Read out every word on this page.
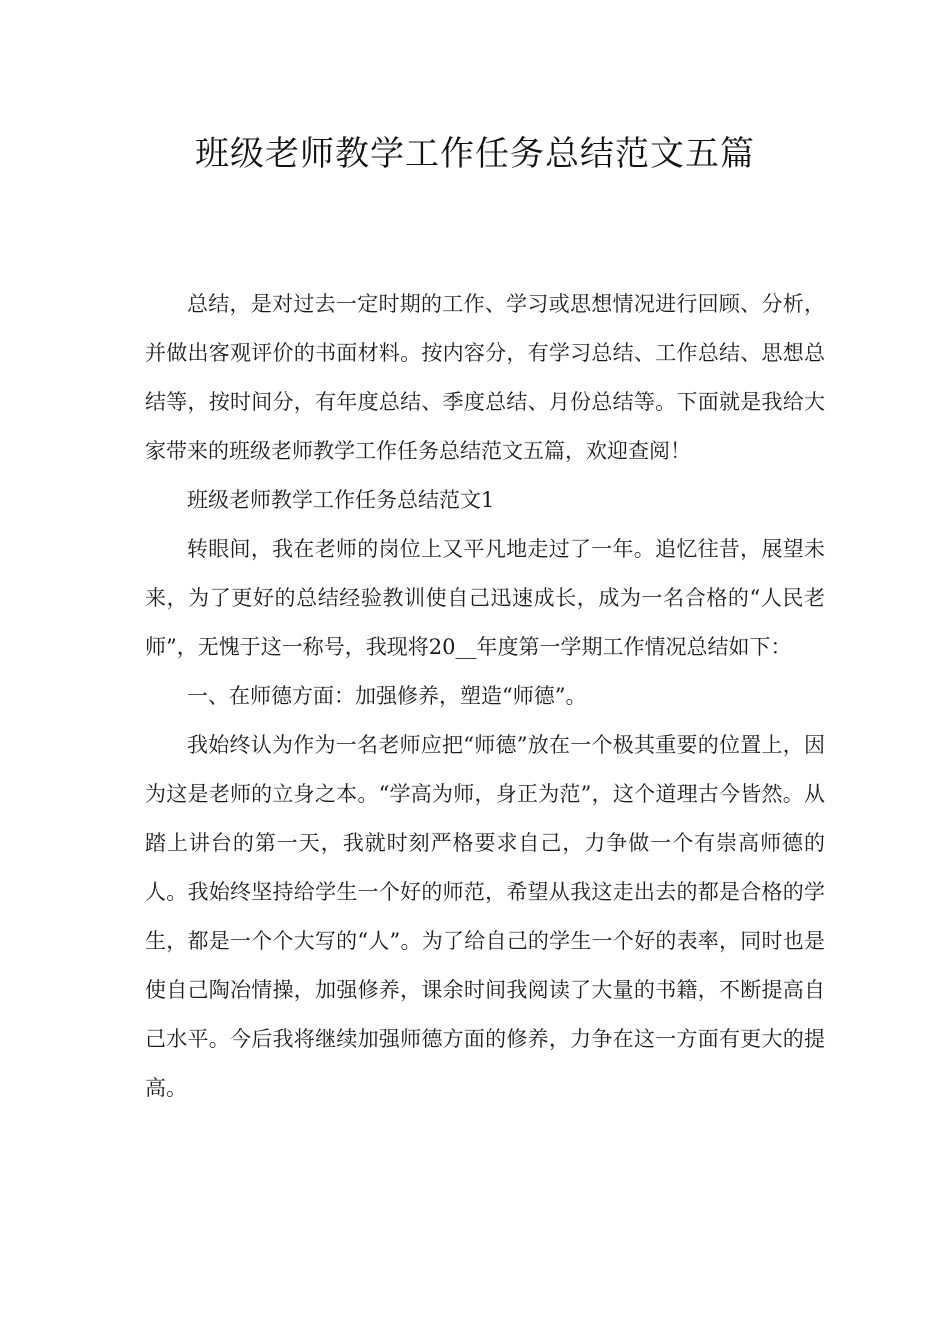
班级老师教学工作任务总结范文五篇

总结，是对过去一定时期的工作、学习或思想情况进行回顾、分析，并做出客观评价的书面材料。按内容分，有学习总结、工作总结、思想总结等，按时间分，有年度总结、季度总结、月份总结等。下面就是我给大家带来的班级老师教学工作任务总结范文五篇，欢迎查阅！

班级老师教学工作任务总结范文1

转眼间，我在老师的岗位上又平凡地走过了一年。追忆往昔，展望未来，为了更好的总结经验教训使自己迅速成长，成为一名合格的“人民老师”，无愧于这一称号，我现将20__年度第一学期工作情况总结如下：

一、在师德方面：加强修养，塑造“师德”。

我始终认为作为一名老师应把“师德”放在一个极其重要的位置上，因为这是老师的立身之本。“学高为师，身正为范”，这个道理古今皆然。从踏上讲台的第一天，我就时刻严格要求自己，力争做一个有崇高师德的人。我始终坚持给学生一个好的师范，希望从我这走出去的都是合格的学生，都是一个个大写的“人”。为了给自己的学生一个好的表率，同时也是使自己陶冶情操，加强修养，课余时间我阅读了大量的书籍，不断提高自己水平。今后我将继续加强师德方面的修养，力争在这一方面有更大的提高。
